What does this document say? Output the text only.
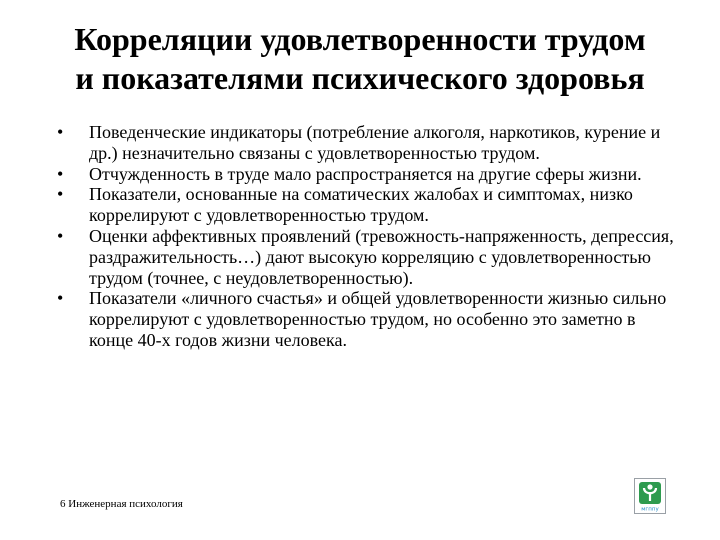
Корреляции удовлетворенности трудом
и показателями психического здоровья
•	Поведенческие индикаторы (потребление алкоголя, наркотиков, курение и др.) незначительно связаны с удовлетворенностью трудом.
•	Отчужденность в труде мало распространяется на другие сферы жизни.
•	Показатели, основанные на соматических жалобах и симптомах, низко коррелируют с удовлетворенностью трудом.
•	Оценки аффективных проявлений (тревожность-напряженность, депрессия, раздражительность…) дают высокую корреляцию с удовлетворенностью трудом (точнее, с неудовлетворенностью).
•	Показатели «личного счастья» и общей удовлетворенности жизнью сильно коррелируют с удовлетворенностью трудом, но особенно это заметно в конце 40-х годов жизни человека.
6 Инженерная психология	мгппу
